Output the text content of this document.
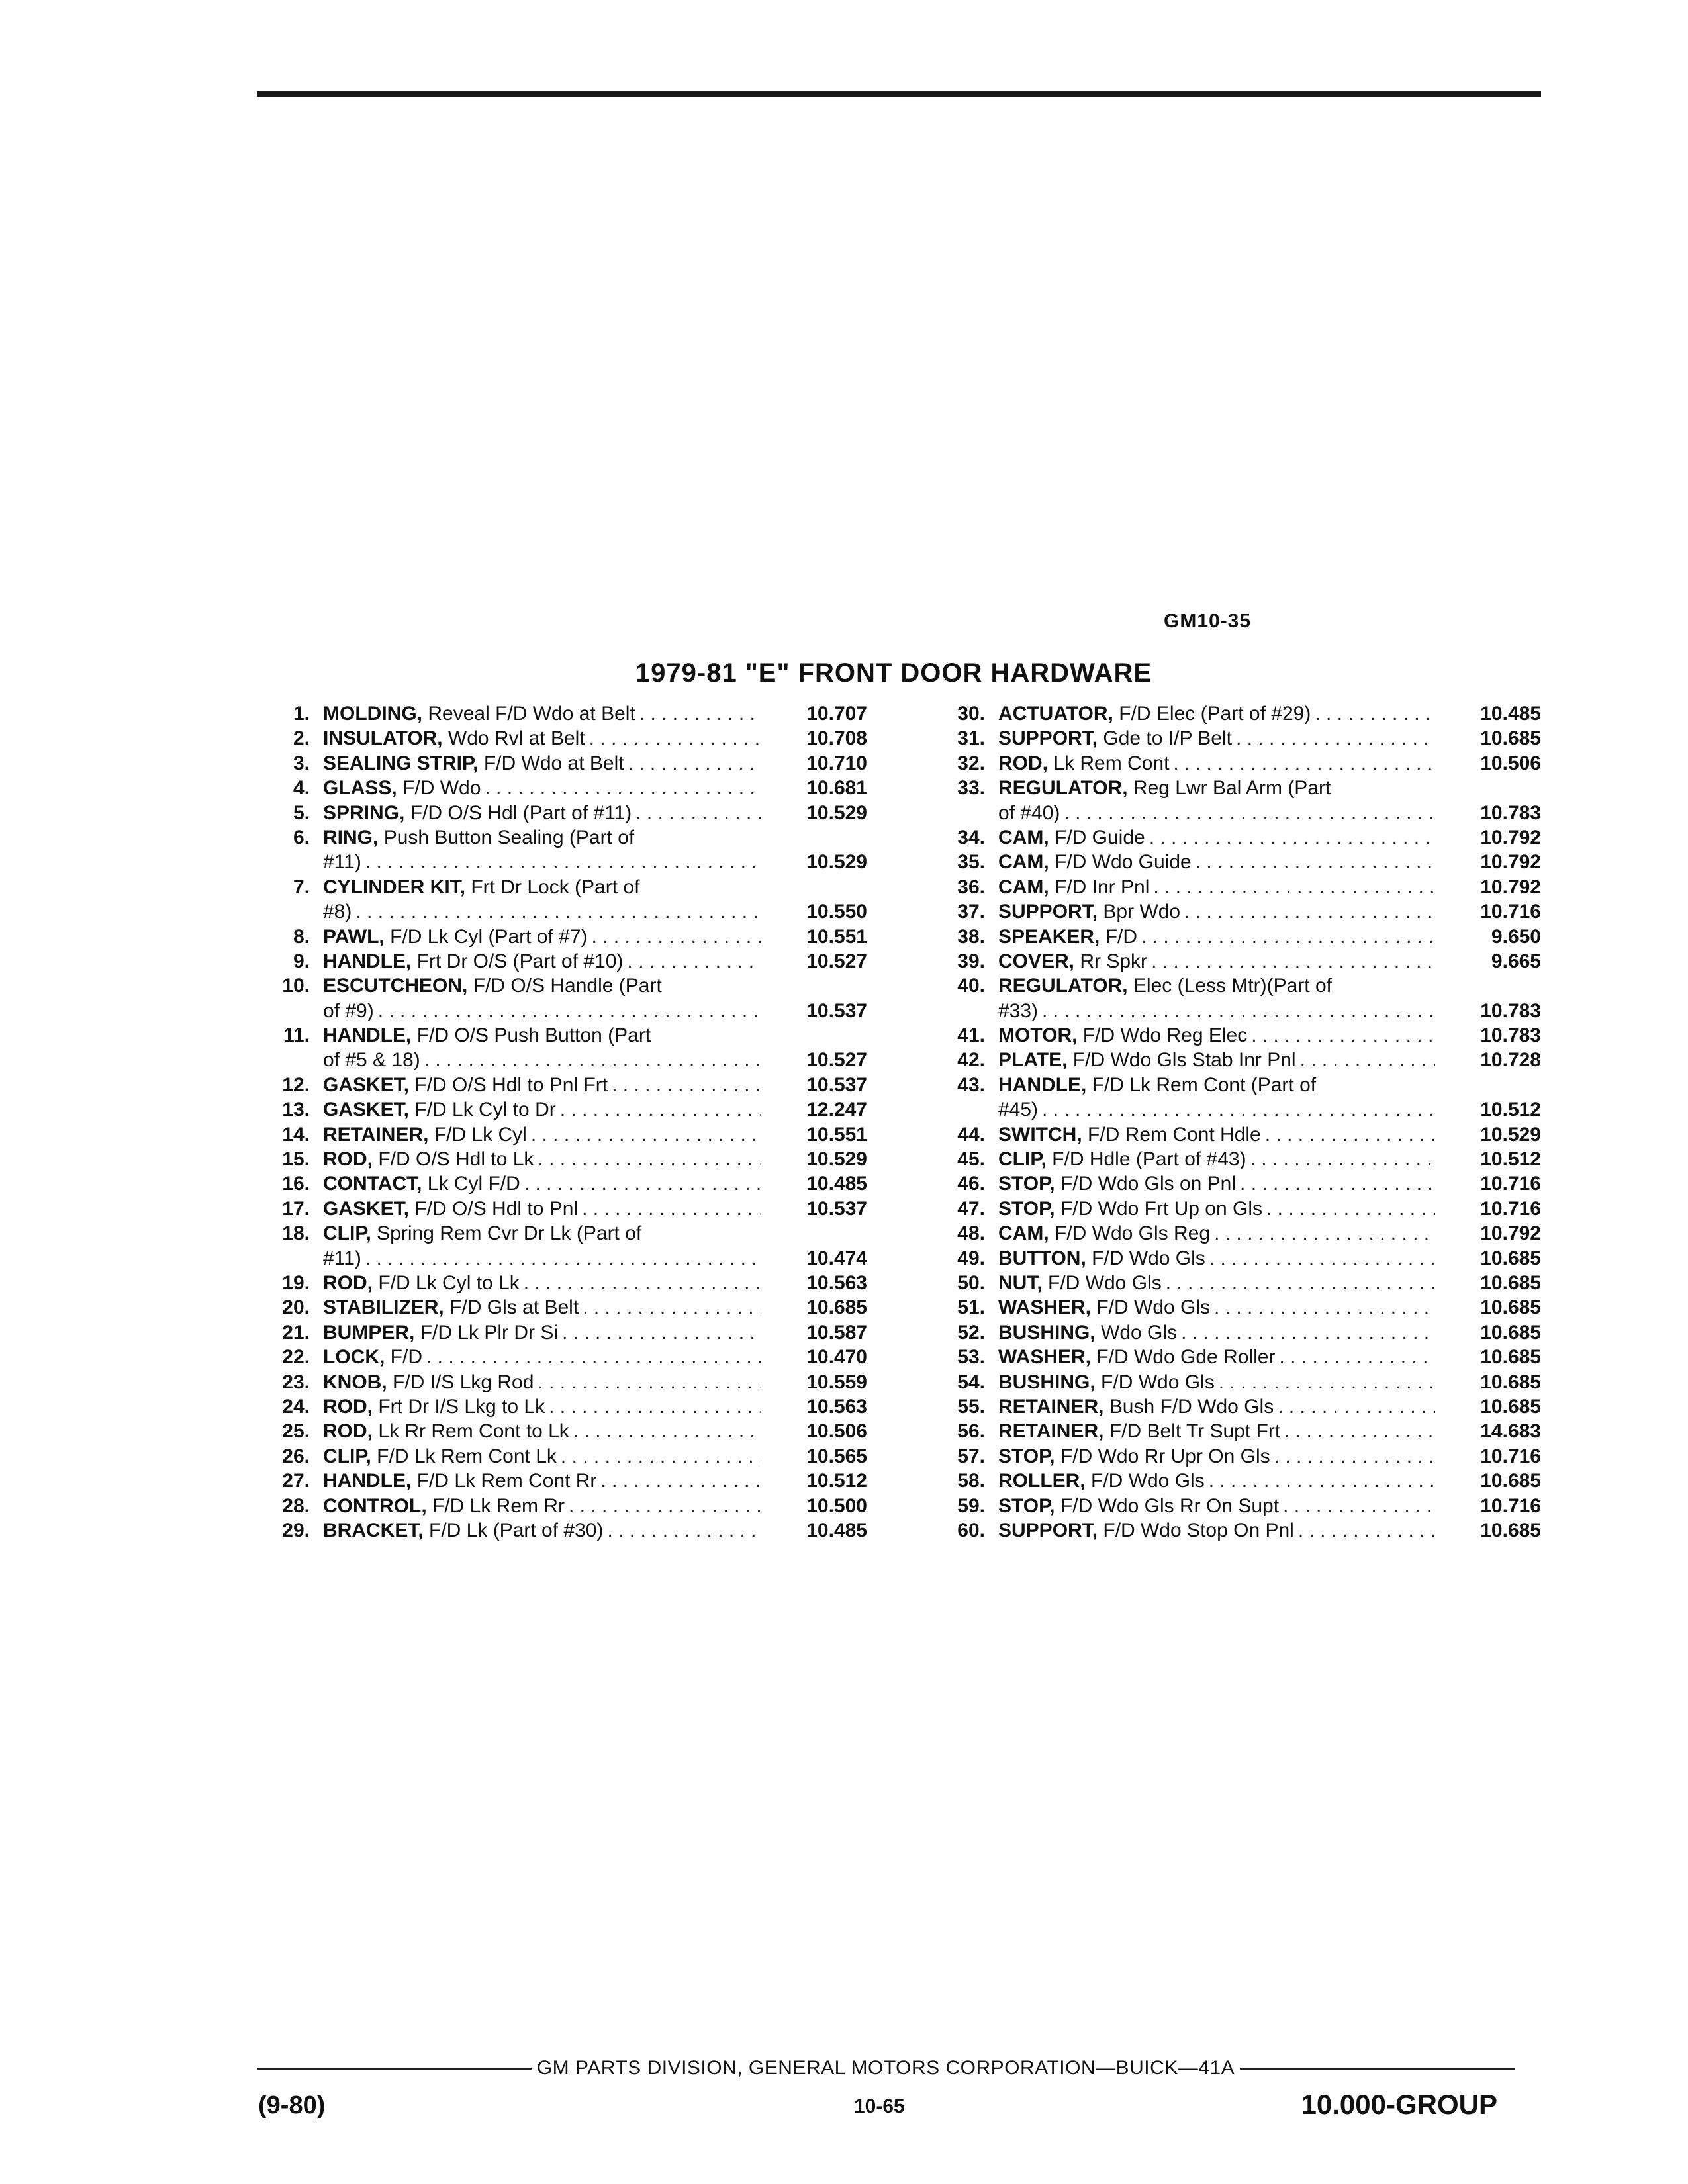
GM10-35
1979-81 "E" FRONT DOOR HARDWARE
1. MOLDING, Reveal F/D Wdo at Belt . . .	10.707
2. INSULATOR, Wdo Rvl at Belt . . .	10.708
3. SEALING STRIP, F/D Wdo at Belt . . .	10.710
4. GLASS, F/D Wdo . . .	10.681
5. SPRING, F/D O/S Hdl (Part of #11) . . .	10.529
6. RING, Push Button Sealing (Part of
#11) . . .	10.529
7. CYLINDER KIT, Frt Dr Lock (Part of
#8) . . .	10.550
8. PAWL, F/D Lk Cyl (Part of #7) . . .	10.551
9. HANDLE, Frt Dr O/S (Part of #10) . . .	10.527
10. ESCUTCHEON, F/D O/S Handle (Part
of #9) . . .	10.537
11. HANDLE, F/D O/S Push Button (Part
of #5 & 18) . . .	10.527
12. GASKET, F/D O/S Hdl to Pnl Frt . . .	10.537
13. GASKET, F/D Lk Cyl to Dr . . .	12.247
14. RETAINER, F/D Lk Cyl . . .	10.551
15. ROD, F/D O/S Hdl to Lk . . .	10.529
16. CONTACT, Lk Cyl F/D . . .	10.485
17. GASKET, F/D O/S Hdl to Pnl . . .	10.537
18. CLIP, Spring Rem Cvr Dr Lk (Part of
#11) . . .	10.474
19. ROD, F/D Lk Cyl to Lk . . .	10.563
20. STABILIZER, F/D Gls at Belt . . .	10.685
21. BUMPER, F/D Lk Plr Dr Si . . .	10.587
22. LOCK, F/D . . .	10.470
23. KNOB, F/D I/S Lkg Rod . . .	10.559
24. ROD, Frt Dr I/S Lkg to Lk . . .	10.563
25. ROD, Lk Rr Rem Cont to Lk . . .	10.506
26. CLIP, F/D Lk Rem Cont Lk . . .	10.565
27. HANDLE, F/D Lk Rem Cont Rr . . .	10.512
28. CONTROL, F/D Lk Rem Rr . . .	10.500
29. BRACKET, F/D Lk (Part of #30) . . .	10.485
30. ACTUATOR, F/D Elec (Part of #29) . . .	10.485
31. SUPPORT, Gde to I/P Belt . . .	10.685
32. ROD, Lk Rem Cont . . .	10.506
33. REGULATOR, Reg Lwr Bal Arm (Part
of #40) . . .	10.783
34. CAM, F/D Guide . . .	10.792
35. CAM, F/D Wdo Guide . . .	10.792
36. CAM, F/D Inr Pnl . . .	10.792
37. SUPPORT, Bpr Wdo . . .	10.716
38. SPEAKER, F/D . . .	9.650
39. COVER, Rr Spkr . . .	9.665
40. REGULATOR, Elec (Less Mtr)(Part of
#33) . . .	10.783
41. MOTOR, F/D Wdo Reg Elec . . .	10.783
42. PLATE, F/D Wdo Gls Stab Inr Pnl . . .	10.728
43. HANDLE, F/D Lk Rem Cont (Part of
#45) . . .	10.512
44. SWITCH, F/D Rem Cont Hdle . . .	10.529
45. CLIP, F/D Hdle (Part of #43) . . .	10.512
46. STOP, F/D Wdo Gls on Pnl . . .	10.716
47. STOP, F/D Wdo Frt Up on Gls . . .	10.716
48. CAM, F/D Wdo Gls Reg . . .	10.792
49. BUTTON, F/D Wdo Gls . . .	10.685
50. NUT, F/D Wdo Gls . . .	10.685
51. WASHER, F/D Wdo Gls . . .	10.685
52. BUSHING, Wdo Gls . . .	10.685
53. WASHER, F/D Wdo Gde Roller . . .	10.685
54. BUSHING, F/D Wdo Gls . . .	10.685
55. RETAINER, Bush F/D Wdo Gls . . .	10.685
56. RETAINER, F/D Belt Tr Supt Frt . . .	14.683
57. STOP, F/D Wdo Rr Upr On Gls . . .	10.716
58. ROLLER, F/D Wdo Gls . . .	10.685
59. STOP, F/D Wdo Gls Rr On Supt . . .	10.716
60. SUPPORT, F/D Wdo Stop On Pnl . . .	10.685
GM PARTS DIVISION, GENERAL MOTORS CORPORATION—BUICK—41A
(9-80)	10-65	10.000-GROUP
